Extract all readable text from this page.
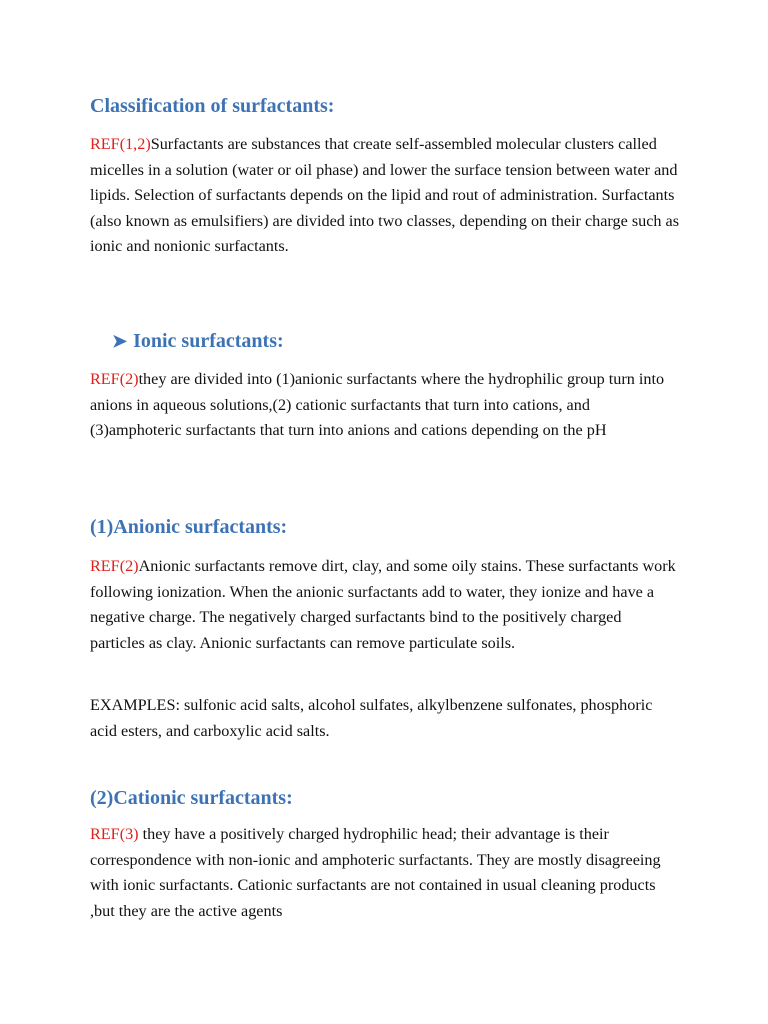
Classification of surfactants:
REF(1,2)Surfactants are substances that create self-assembled molecular clusters called micelles in a solution (water or oil phase) and lower the surface tension between water and lipids. Selection of surfactants depends on the lipid and rout of administration. Surfactants (also known as emulsifiers) are divided into two classes, depending on their charge such as ionic and nonionic surfactants.
➤ Ionic surfactants:
REF(2)they are divided into (1)anionic surfactants where the hydrophilic group turn into anions in aqueous solutions,(2) cationic surfactants that turn into cations, and (3)amphoteric surfactants that turn into anions and cations depending on the pH
(1)Anionic surfactants:
REF(2)Anionic surfactants remove dirt, clay, and some oily stains. These surfactants work following ionization. When the anionic surfactants add to water, they ionize and have a negative charge. The negatively charged surfactants bind to the positively charged particles as clay. Anionic surfactants can remove particulate soils.
EXAMPLES: sulfonic acid salts, alcohol sulfates, alkylbenzene sulfonates, phosphoric acid esters, and carboxylic acid salts.
(2)Cationic surfactants:
REF(3) they have a positively charged hydrophilic head; their advantage is their correspondence with non-ionic and amphoteric surfactants. They are mostly disagreeing with ionic surfactants. Cationic surfactants are not contained in usual cleaning products ,but they are the active agents
